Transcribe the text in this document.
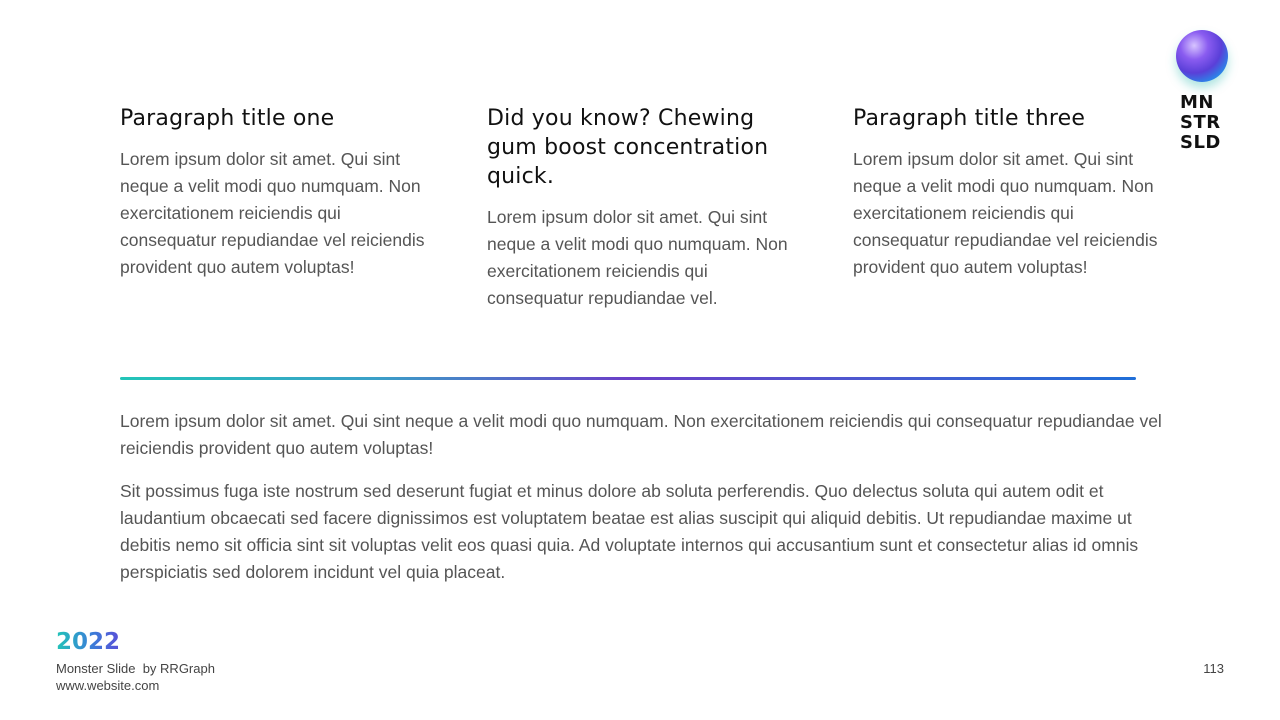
MN
STR
SLD
Paragraph title one

Lorem ipsum dolor sit amet. Qui sint neque a velit modi quo numquam. Non exercitationem reiciendis qui consequatur repudiandae vel reiciendis provident quo autem voluptas!

Did you know? Chewing gum boost concentration quick.

Lorem ipsum dolor sit amet. Qui sint neque a velit modi quo numquam. Non exercitationem reiciendis qui consequatur repudiandae vel.

Paragraph title three

Lorem ipsum dolor sit amet. Qui sint neque a velit modi quo numquam. Non exercitationem reiciendis qui consequatur repudiandae vel reiciendis provident quo autem voluptas!

Lorem ipsum dolor sit amet. Qui sint neque a velit modi quo numquam. Non exercitationem reiciendis qui consequatur repudiandae vel reiciendis provident quo autem voluptas!

Sit possimus fuga iste nostrum sed deserunt fugiat et minus dolore ab soluta perferendis. Quo delectus soluta qui autem odit et laudantium obcaecati sed facere dignissimos est voluptatem beatae est alias suscipit qui aliquid debitis. Ut repudiandae maxime ut debitis nemo sit officia sint sit voluptas velit eos quasi quia. Ad voluptate internos qui accusantium sunt et consectetur alias id omnis perspiciatis sed dolorem incidunt vel quia placeat.

2022
Monster Slide  by RRGraph
www.website.com
113
